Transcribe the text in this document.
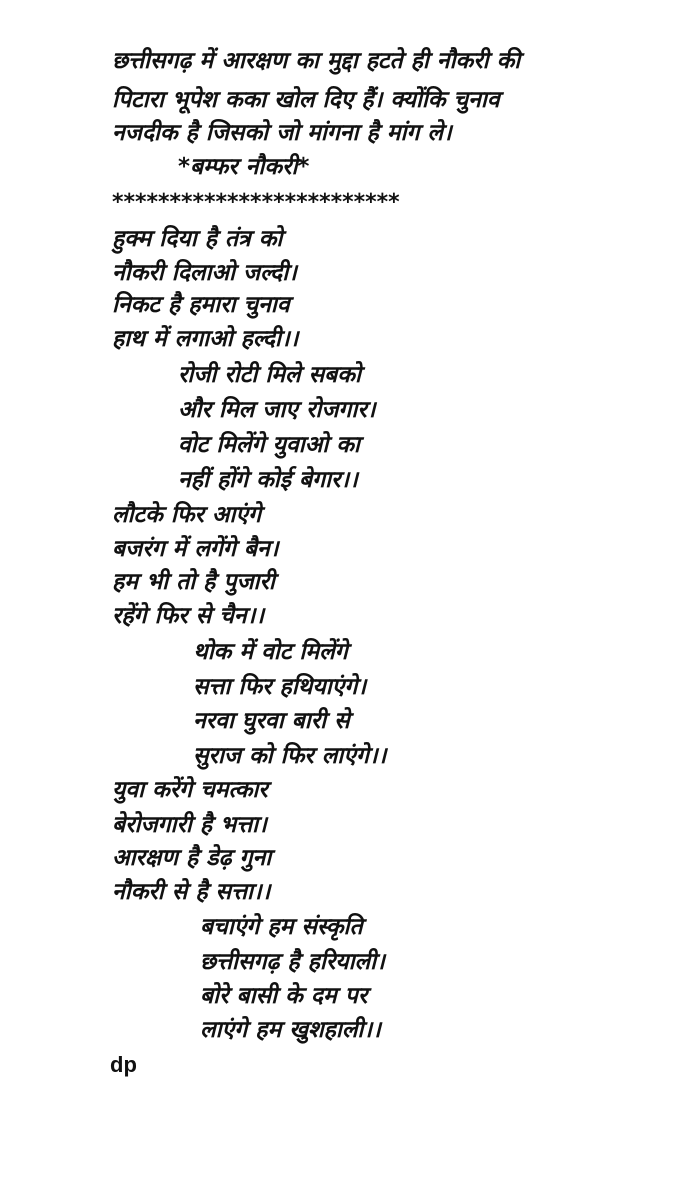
छत्तीसगढ़ में आरक्षण का मुद्दा हटते ही नौकरी की
पिटारा भूपेश कका खोल दिए हैं। क्योंकि चुनाव
नजदीक है जिसको जो मांगना है मांग ले।
*बम्फर नौकरी*
*************************
हुक्म दिया है तंत्र को
नौकरी दिलाओ जल्दी।
निकट है हमारा चुनाव
हाथ में लगाओ हल्दी।।
रोजी रोटी मिले सबको
और मिल जाए रोजगार।
वोट मिलेंगे युवाओ का
नहीं होंगे कोई बेगार।।
लौटके फिर आएंगे
बजरंग में लगेंगे बैन।
हम भी तो है पुजारी
रहेंगे फिर से चैन।।
थोक में वोट मिलेंगे
सत्ता फिर हथियाएंगे।
नरवा घुरवा बारी से
सुराज को फिर लाएंगे।।
युवा करेंगे चमत्कार
बेरोजगारी है भत्ता।
आरक्षण है डेढ़ गुना
नौकरी से है सत्ता।।
बचाएंगे हम संस्कृति
छत्तीसगढ़ है हरियाली।
बोरे बासी के दम पर
लाएंगे हम खुशहाली।।
dp
